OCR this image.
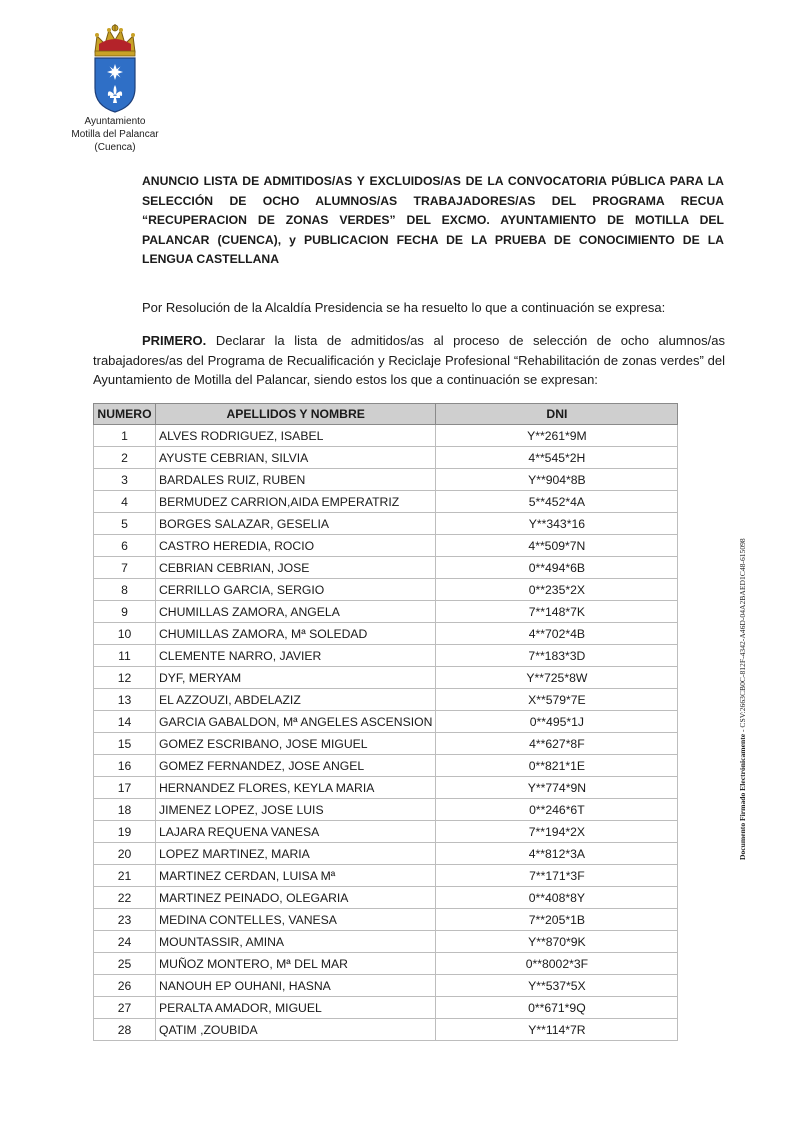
Ayuntamiento
Motilla del Palancar
(Cuenca)
ANUNCIO LISTA DE ADMITIDOS/AS Y EXCLUIDOS/AS DE LA CONVOCATORIA PÚBLICA PARA LA SELECCIÓN DE OCHO ALUMNOS/AS TRABAJADORES/AS DEL PROGRAMA RECUA “RECUPERACION DE ZONAS VERDES” DEL EXCMO. AYUNTAMIENTO DE MOTILLA DEL PALANCAR (CUENCA), y PUBLICACION FECHA DE LA PRUEBA DE CONOCIMIENTO DE LA LENGUA CASTELLANA
Por Resolución de la Alcaldía Presidencia se ha resuelto lo que a continuación se expresa:
PRIMERO. Declarar la lista de admitidos/as al proceso de selección de ocho alumnos/as trabajadores/as del Programa de Recualificación y Reciclaje Profesional “Rehabilitación de zonas verdes” del Ayuntamiento de Motilla del Palancar, siendo estos los que a continuación se expresan:
NUMERO	APELLIDOS Y NOMBRE	DNI
1	ALVES RODRIGUEZ, ISABEL	Y**261*9M
2	AYUSTE CEBRIAN, SILVIA	4**545*2H
3	BARDALES RUIZ, RUBEN	Y**904*8B
4	BERMUDEZ CARRION,AIDA EMPERATRIZ	5**452*4A
5	BORGES SALAZAR, GESELIA	Y**343*16
6	CASTRO HEREDIA, ROCIO	4**509*7N
7	CEBRIAN CEBRIAN, JOSE	0**494*6B
8	CERRILLO GARCIA, SERGIO	0**235*2X
9	CHUMILLAS ZAMORA, ANGELA	7**148*7K
10	CHUMILLAS ZAMORA, Mª SOLEDAD	4**702*4B
11	CLEMENTE NARRO, JAVIER	7**183*3D
12	DYF, MERYAM	Y**725*8W
13	EL AZZOUZI, ABDELAZIZ	X**579*7E
14	GARCIA GABALDON, Mª ANGELES ASCENSION	0**495*1J
15	GOMEZ ESCRIBANO, JOSE MIGUEL	4**627*8F
16	GOMEZ FERNANDEZ, JOSE ANGEL	0**821*1E
17	HERNANDEZ FLORES, KEYLA MARIA	Y**774*9N
18	JIMENEZ LOPEZ, JOSE LUIS	0**246*6T
19	LAJARA REQUENA VANESA	7**194*2X
20	LOPEZ MARTINEZ, MARIA	4**812*3A
21	MARTINEZ CERDAN, LUISA Mª	7**171*3F
22	MARTINEZ PEINADO, OLEGARIA	0**408*8Y
23	MEDINA CONTELLES, VANESA	7**205*1B
24	MOUNTASSIR, AMINA	Y**870*9K
25	MUÑOZ MONTERO, Mª DEL MAR	0**8002*3F
26	NANOUH EP OUHANI, HASNA	Y**537*5X
27	PERALTA AMADOR, MIGUEL	0**671*9Q
28	QATIM ,ZOUBIDA	Y**114*7R
Documento Firmado Electrónicamente - CSV:2663CB0C-812F-4342-A46D-04A2BAED1C48-615098
